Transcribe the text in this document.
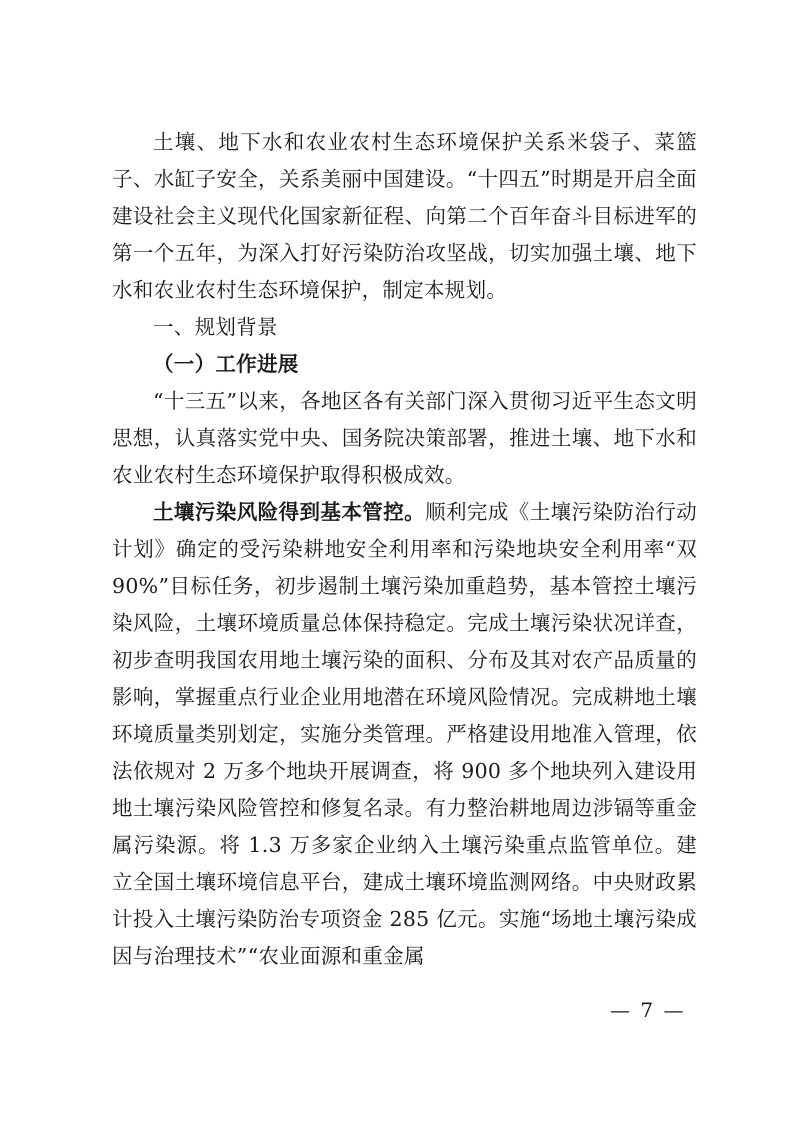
土壤、地下水和农业农村生态环境保护关系米袋子、菜篮子、水缸子安全，关系美丽中国建设。“十四五”时期是开启全面建设社会主义现代化国家新征程、向第二个百年奋斗目标进军的第一个五年，为深入打好污染防治攻坚战，切实加强土壤、地下水和农业农村生态环境保护，制定本规划。

一、规划背景

（一）工作进展

“十三五”以来，各地区各有关部门深入贯彻习近平生态文明思想，认真落实党中央、国务院决策部署，推进土壤、地下水和农业农村生态环境保护取得积极成效。

土壤污染风险得到基本管控。顺利完成《土壤污染防治行动计划》确定的受污染耕地安全利用率和污染地块安全利用率“双 90%”目标任务，初步遏制土壤污染加重趋势，基本管控土壤污染风险，土壤环境质量总体保持稳定。完成土壤污染状况详查，初步查明我国农用地土壤污染的面积、分布及其对农产品质量的影响，掌握重点行业企业用地潜在环境风险情况。完成耕地土壤环境质量类别划定，实施分类管理。严格建设用地准入管理，依法依规对 2 万多个地块开展调查，将 900 多个地块列入建设用地土壤污染风险管控和修复名录。有力整治耕地周边涉镉等重金属污染源。将 1.3 万多家企业纳入土壤污染重点监管单位。建立全国土壤环境信息平台，建成土壤环境监测网络。中央财政累计投入土壤污染防治专项资金 285 亿元。实施“场地土壤污染成因与治理技术”“农业面源和重金属

— 7 —
